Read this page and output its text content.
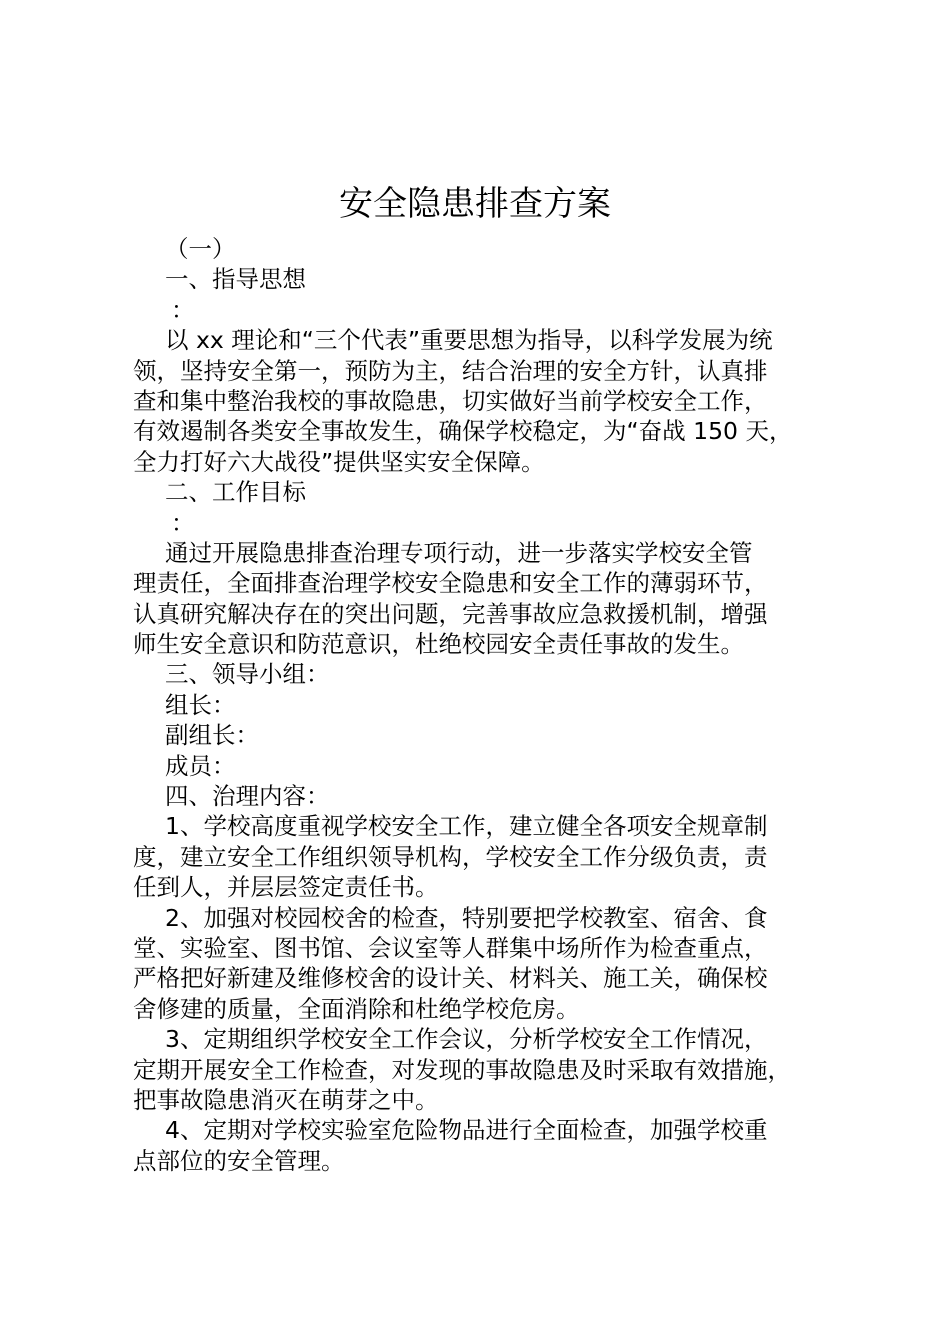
安全隐患排查方案
（一）
一、指导思想
：
以 xx 理论和“三个代表”重要思想为指导，以科学发展为统
领，坚持安全第一，预防为主，结合治理的安全方针，认真排
查和集中整治我校的事故隐患，切实做好当前学校安全工作，
有效遏制各类安全事故发生，确保学校稳定，为“奋战 150 天，
全力打好六大战役”提供坚实安全保障。
二、工作目标
：
通过开展隐患排查治理专项行动，进一步落实学校安全管
理责任，全面排查治理学校安全隐患和安全工作的薄弱环节，
认真研究解决存在的突出问题，完善事故应急救援机制，增强
师生安全意识和防范意识，杜绝校园安全责任事故的发生。
三、领导小组：
组长：
副组长：
成员：
四、治理内容：
1、学校高度重视学校安全工作，建立健全各项安全规章制
度，建立安全工作组织领导机构，学校安全工作分级负责，责
任到人，并层层签定责任书。
2、加强对校园校舍的检查，特别要把学校教室、宿舍、食
堂、实验室、图书馆、会议室等人群集中场所作为检查重点，
严格把好新建及维修校舍的设计关、材料关、施工关，确保校
舍修建的质量，全面消除和杜绝学校危房。
3、定期组织学校安全工作会议，分析学校安全工作情况，
定期开展安全工作检查，对发现的事故隐患及时采取有效措施，
把事故隐患消灭在萌芽之中。
4、定期对学校实验室危险物品进行全面检查，加强学校重
点部位的安全管理。
